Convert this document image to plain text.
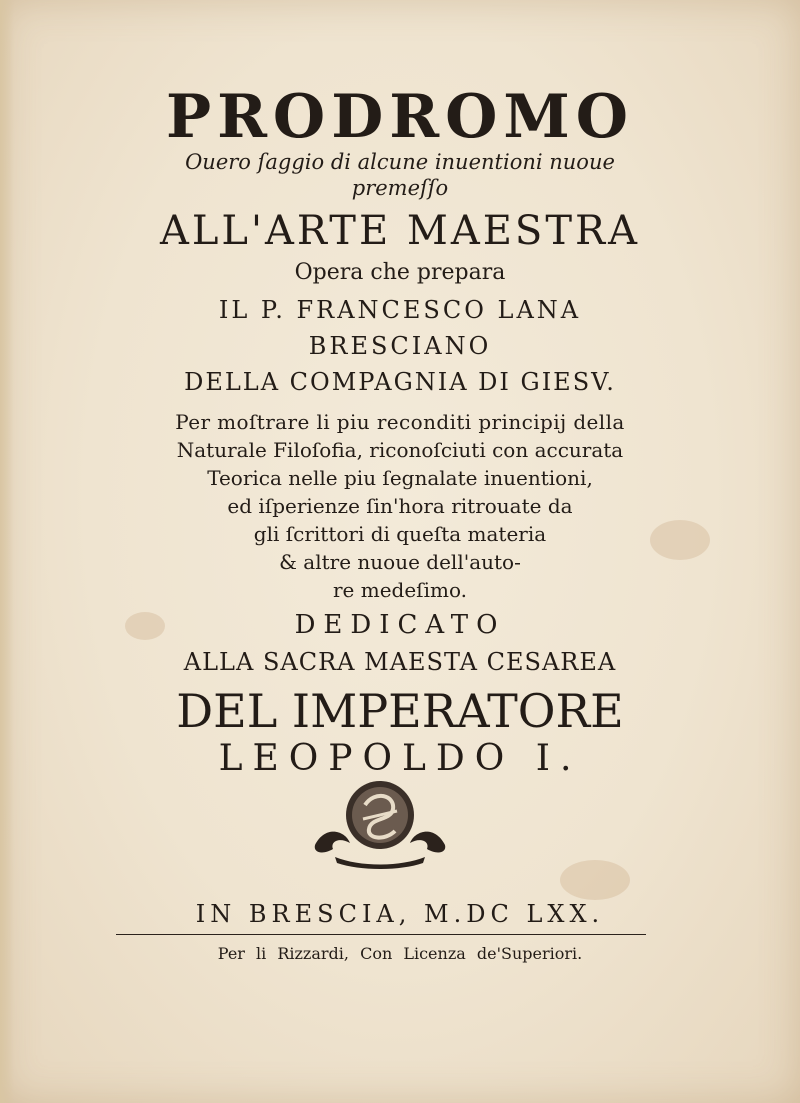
PRODROMO
Ouero ſaggio di alcune inuentioni nuoue
premeſſo
ALL'ARTE MAESTRA
Opera che prepara
IL P. FRANCESCO LANA
BRESCIANO
DELLA COMPAGNIA DI GIESV.
Per moſtrare li piu reconditi principij della
Naturale Filoſofia, riconoſciuti con accurata
Teorica nelle piu ſegnalate inuentioni,
ed iſperienze ſin'hora ritrouate da
gli ſcrittori di queſta materia
& altre nuoue dell'auto-
re medeſimo.
DEDICATO
ALLA SACRA MAESTA CESAREA
DEL IMPERATORE
LEOPOLDO I.
IN BRESCIA, M.DC LXX.
Per li Rizzardi, Con Licenza de'Superiori.
